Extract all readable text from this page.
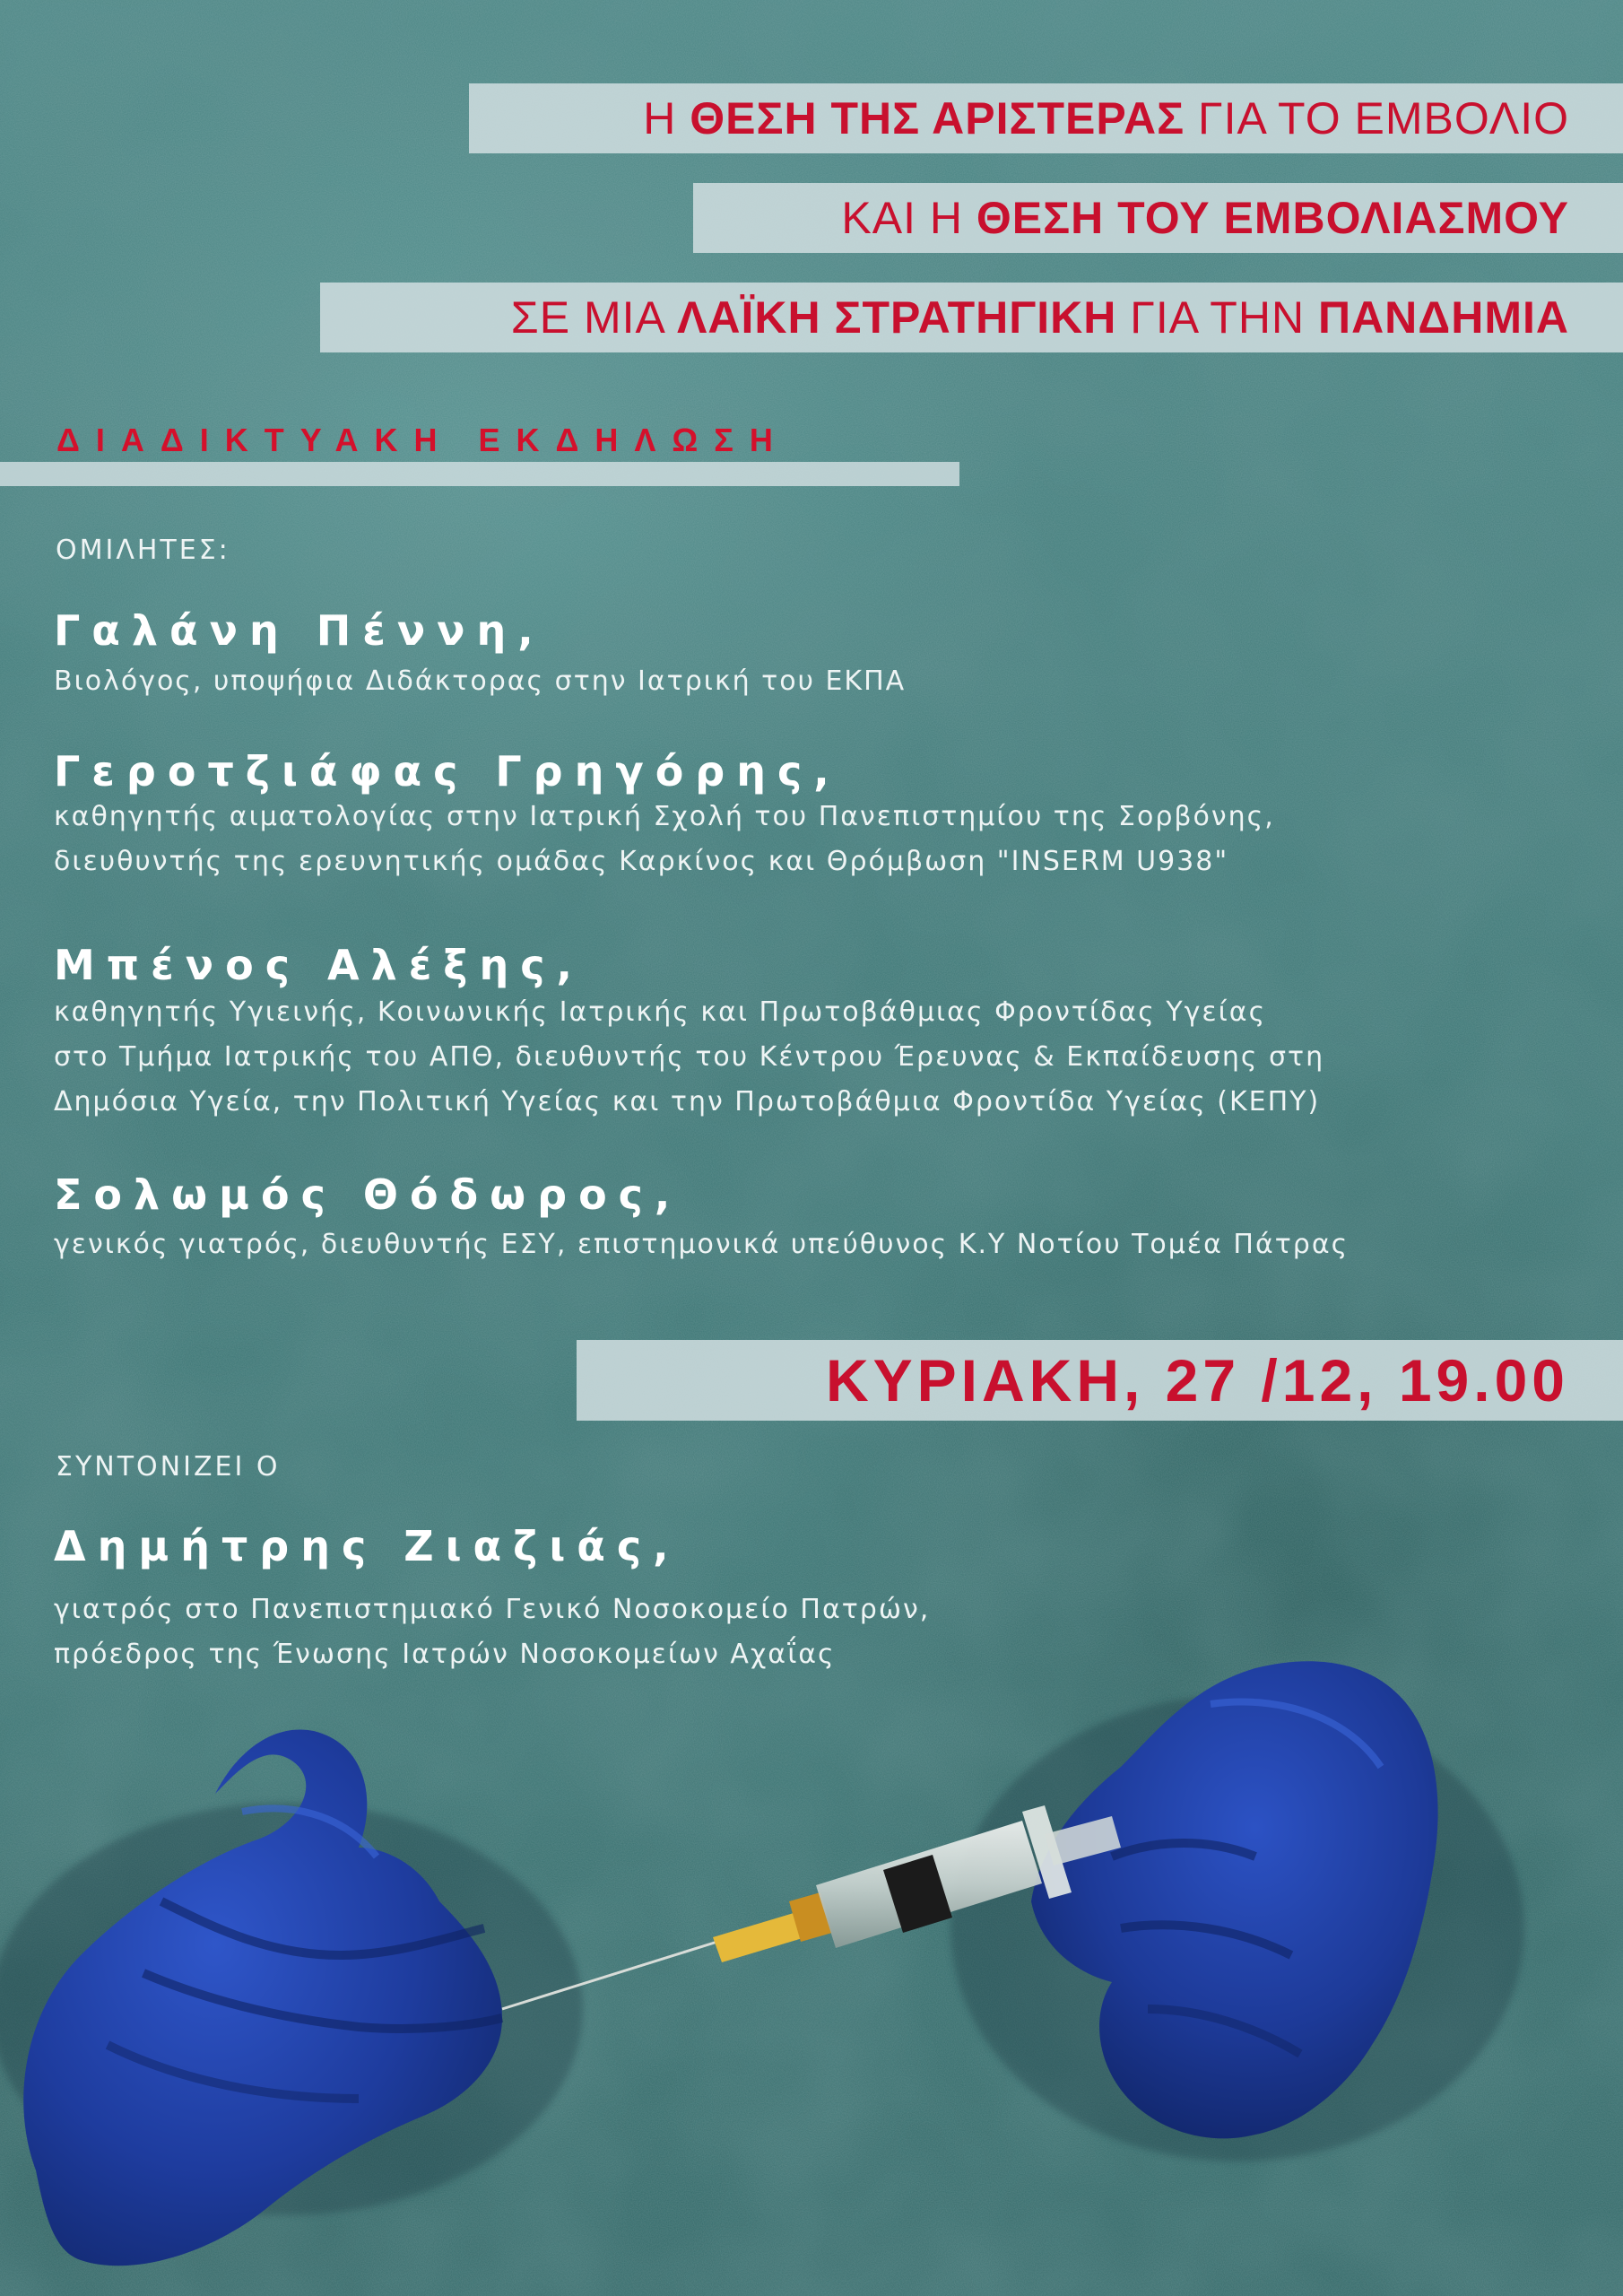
Η ΘΕΣΗ ΤΗΣ ΑΡΙΣΤΕΡΑΣ ΓΙΑ ΤΟ ΕΜΒΟΛΙΟ
ΚΑΙ Η ΘΕΣΗ ΤΟΥ ΕΜΒΟΛΙΑΣΜΟΥ
ΣΕ ΜΙΑ ΛΑΪΚΗ ΣΤΡΑΤΗΓΙΚΗ ΓΙΑ ΤΗΝ ΠΑΝΔΗΜΙΑ
ΔΙΑΔΙΚΤΥΑΚΗ ΕΚΔΗΛΩΣΗ
ΟΜΙΛΗΤΕΣ:
Γαλάνη Πέννη,
Βιολόγος, υποψήφια Διδάκτορας στην Ιατρική του ΕΚΠΑ
Γεροτζιάφας Γρηγόρης,
καθηγητής αιματολογίας στην Ιατρική Σχολή του Πανεπιστημίου της Σορβόνης,
διευθυντής της ερευνητικής ομάδας Καρκίνος και Θρόμβωση "INSERM U938"
Μπένος Αλέξης,
καθηγητής Υγιεινής, Κοινωνικής Ιατρικής και Πρωτοβάθμιας Φροντίδας Υγείας
στο Τμήμα Ιατρικής του ΑΠΘ, διευθυντής του Κέντρου Έρευνας & Εκπαίδευσης στη
Δημόσια Υγεία, την Πολιτική Υγείας και την Πρωτοβάθμια Φροντίδα Υγείας (ΚΕΠΥ)
Σολωμός Θόδωρος,
γενικός γιατρός, διευθυντής ΕΣΥ, επιστημονικά υπεύθυνος Κ.Υ Νοτίου Τομέα Πάτρας
ΚΥΡΙΑΚΗ, 27 /12, 19.00
ΣΥΝΤΟΝΙΖΕΙ Ο
Δημήτρης Ζιαζιάς,
γιατρός στο Πανεπιστημιακό Γενικό Νοσοκομείο Πατρών,
πρόεδρος της Ένωσης Ιατρών Νοσοκομείων Αχαΐας
